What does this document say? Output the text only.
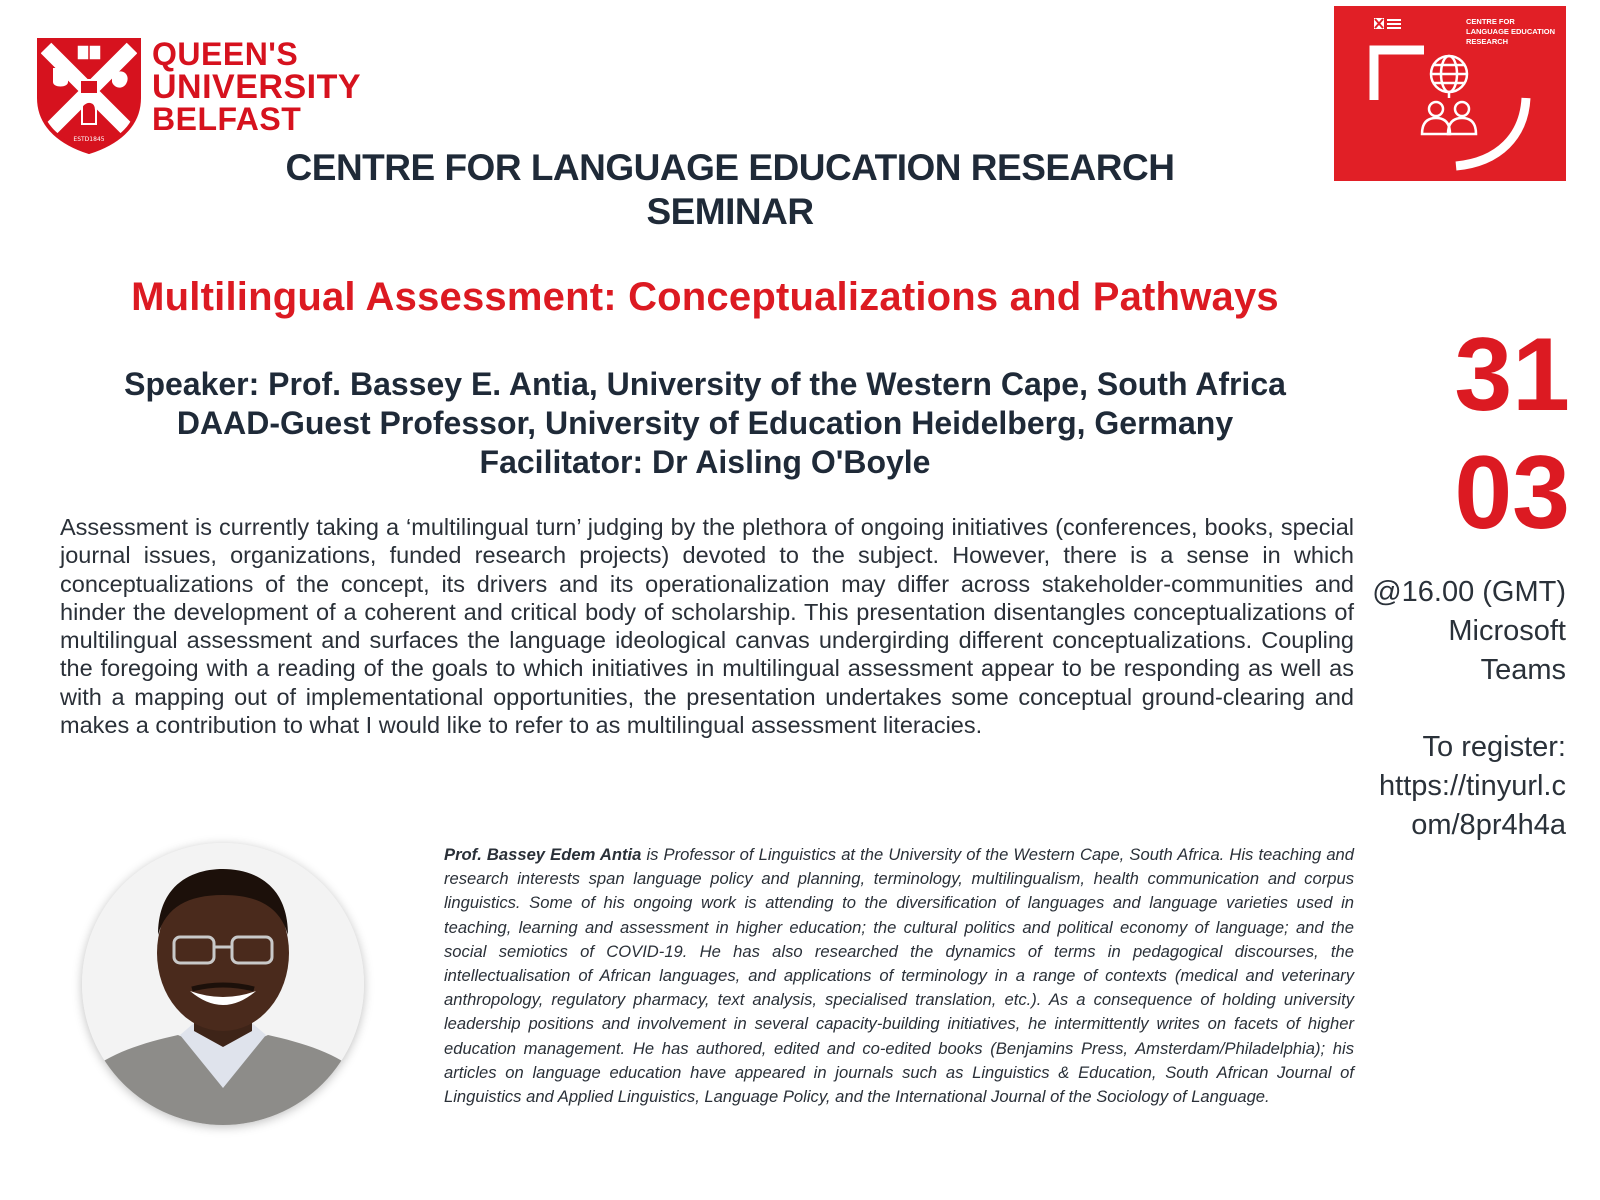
ESTD1845
QUEEN'S
UNIVERSITY
BELFAST
CENTRE FOR
LANGUAGE EDUCATION
RESEARCH
CENTRE FOR LANGUAGE EDUCATION RESEARCH
SEMINAR
Multilingual Assessment: Conceptualizations and Pathways
Speaker: Prof. Bassey E. Antia, University of the Western Cape, South Africa
DAAD-Guest Professor, University of Education Heidelberg, Germany
Facilitator: Dr Aisling O'Boyle
31
03
@16.00 (GMT)
Microsoft
Teams
To register:
https://tinyurl.c
om/8pr4h4a
Assessment is currently taking a ‘multilingual turn’ judging by the plethora of ongoing initiatives (conferences, books, special journal issues, organizations, funded research projects) devoted to the subject. However, there is a sense in which conceptualizations of the concept, its drivers and its operationalization may differ across stakeholder-communities and hinder the development of a coherent and critical body of scholarship. This presentation disentangles conceptualizations of multilingual assessment and surfaces the language ideological canvas undergirding different conceptualizations. Coupling the foregoing with a reading of the goals to which initiatives in multilingual assessment appear to be responding as well as with a mapping out of implementational opportunities, the presentation undertakes some conceptual ground-clearing and makes a contribution to what I would like to refer to as multilingual assessment literacies.
Prof. Bassey Edem Antia is Professor of Linguistics at the University of the Western Cape, South Africa. His teaching and research interests span language policy and planning, terminology, multilingualism, health communication and corpus linguistics. Some of his ongoing work is attending to the diversification of languages and language varieties used in teaching, learning and assessment in higher education; the cultural politics and political economy of language; and the social semiotics of COVID-19. He has also researched the dynamics of terms in pedagogical discourses, the intellectualisation of African languages, and applications of terminology in a range of contexts (medical and veterinary anthropology, regulatory pharmacy, text analysis, specialised translation, etc.). As a consequence of holding university leadership positions and involvement in several capacity-building initiatives, he intermittently writes on facets of higher education management. He has authored, edited and co-edited books (Benjamins Press, Amsterdam/Philadelphia); his articles on language education have appeared in journals such as Linguistics & Education, South African Journal of Linguistics and Applied Linguistics, Language Policy, and the International Journal of the Sociology of Language.
